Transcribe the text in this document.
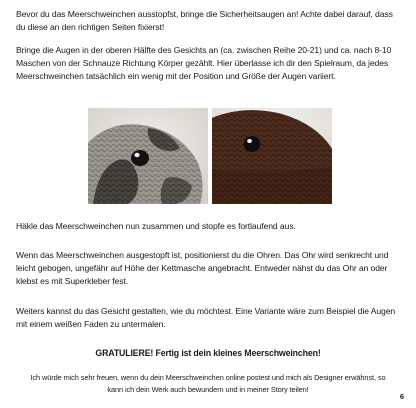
Bevor du das Meerschweinchen ausstopfst, bringe die Sicherheitsaugen an! Achte dabei darauf, dass du diese an den richtigen Seiten fixierst!

Bringe die Augen in der oberen Hälfte des Gesichts an (ca. zwischen Reihe 20-21) und ca. nach 8-10 Maschen von der Schnauze Richtung Körper gezählt. Hier überlasse ich dir den Spielraum, da jedes Meerschweinchen tatsächlich ein wenig mit der Position und Größe der Augen variiert.

Häkle das Meerschweinchen nun zusammen und stopfe es fortlaufend aus.

Wenn das Meerschweinchen ausgestopft ist, positionierst du die Ohren. Das Ohr wird senkrecht und leicht gebogen, ungefähr auf Höhe der Kettmasche angebracht. Entweder nähst du das Ohr an oder klebst es mit Superkleber fest.

Weiters kannst du das Gesicht gestalten, wie du möchtest. Eine Variante wäre zum Beispiel die Augen mit einem weißen Faden zu untermalen.

GRATULIERE! Fertig ist dein kleines Meerschweinchen!

Ich würde mich sehr freuen, wenn du dein Meerschweinchen online postest und mich als Designer erwähnst, so kann ich dein Werk auch bewundern und in meiner Story teilen!

6
